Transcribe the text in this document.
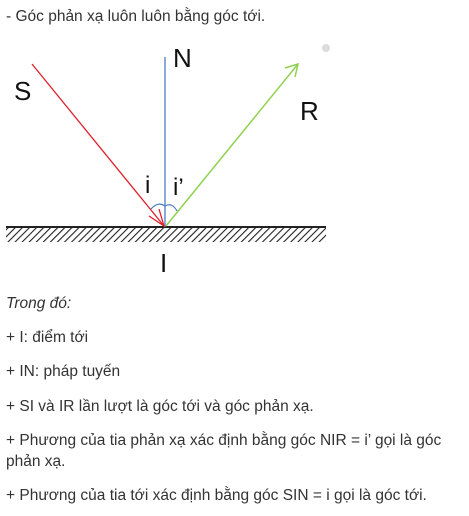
- Góc phản xạ luôn luôn bằng góc tới.

N
S
R
i i’
I

Trong đó:

+ I: điểm tới

+ IN: pháp tuyến

+ SI và IR lần lượt là góc tới và góc phản xạ.

+ Phương của tia phản xạ xác định bằng góc NIR = i’ gọi là góc phản xạ.

+ Phương của tia tới xác định bằng góc SIN = i gọi là góc tới.
